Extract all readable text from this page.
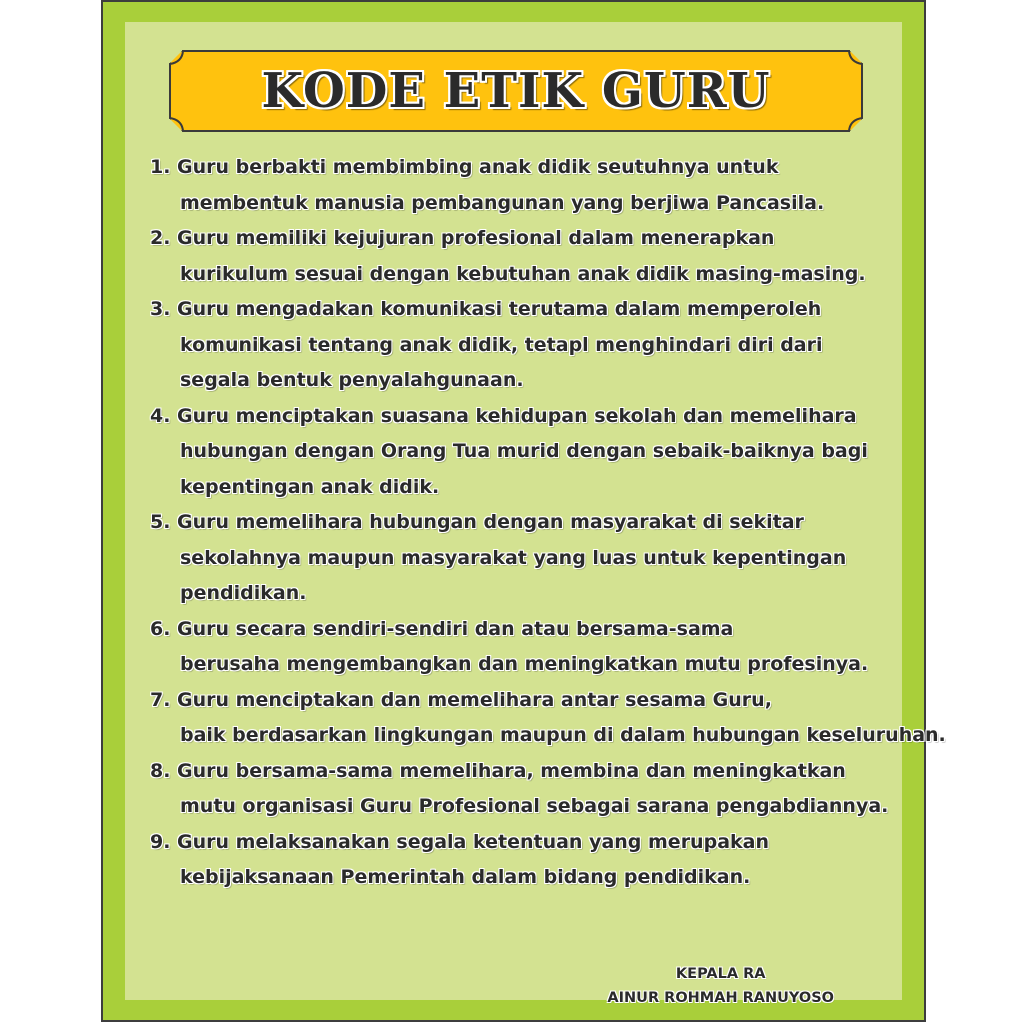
KODE ETIK GURU
1. Guru berbakti membimbing anak didik seutuhnya untuk
membentuk manusia pembangunan yang berjiwa Pancasila.
2. Guru memiliki kejujuran profesional dalam menerapkan
kurikulum sesuai dengan kebutuhan anak didik masing-masing.
3. Guru mengadakan komunikasi terutama dalam memperoleh
komunikasi tentang anak didik, tetapl menghindari diri dari
segala bentuk penyalahgunaan.
4. Guru menciptakan suasana kehidupan sekolah dan memelihara
hubungan dengan Orang Tua murid dengan sebaik-baiknya bagi
kepentingan anak didik.
5. Guru memelihara hubungan dengan masyarakat di sekitar
sekolahnya maupun masyarakat yang luas untuk kepentingan
pendidikan.
6. Guru secara sendiri-sendiri dan atau bersama-sama
berusaha mengembangkan dan meningkatkan mutu profesinya.
7. Guru menciptakan dan memelihara antar sesama Guru,
baik berdasarkan lingkungan maupun di dalam hubungan keseluruhan.
8. Guru bersama-sama memelihara, membina dan meningkatkan
mutu organisasi Guru Profesional sebagai sarana pengabdiannya.
9. Guru melaksanakan segala ketentuan yang merupakan
kebijaksanaan Pemerintah dalam bidang pendidikan.
KEPALA RA
AINUR ROHMAH RANUYOSO
